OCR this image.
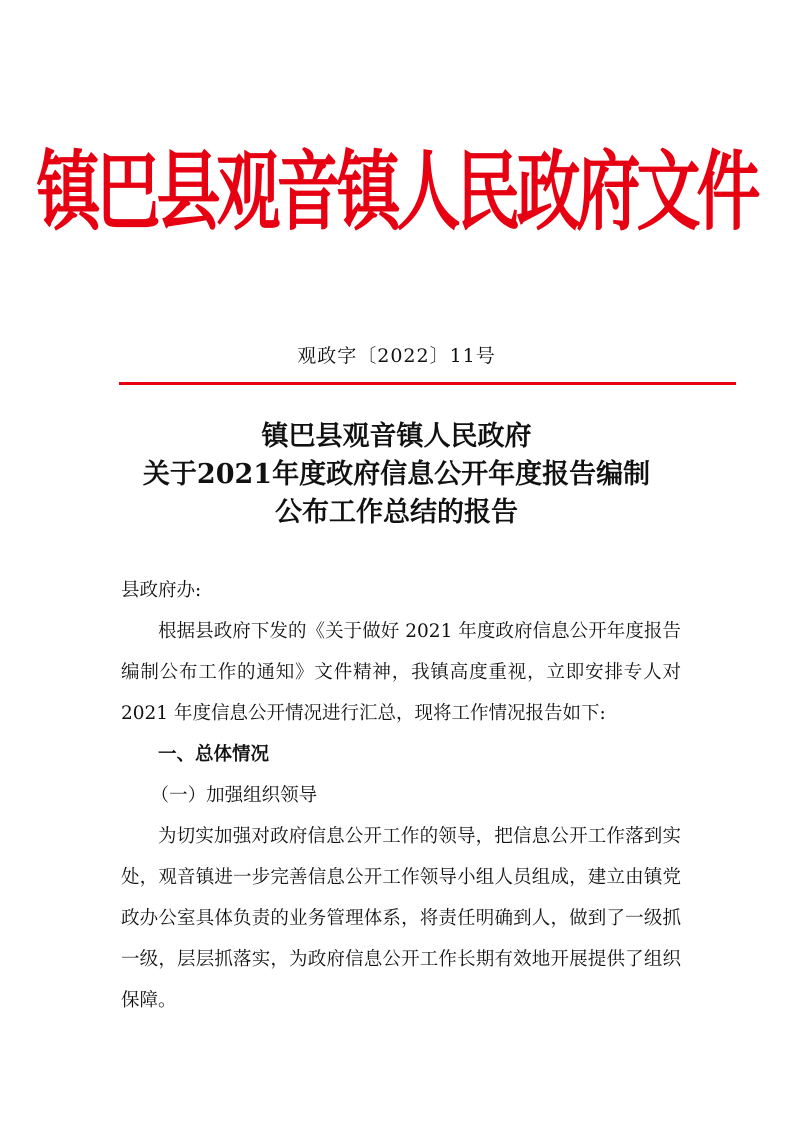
镇巴县观音镇人民政府文件
观政字〔2022〕11号
镇巴县观音镇人民政府
关于2021年度政府信息公开年度报告编制
公布工作总结的报告

县政府办:

根据县政府下发的《关于做好 2021 年度政府信息公开年度报告编制公布工作的通知》文件精神，我镇高度重视，立即安排专人对 2021 年度信息公开情况进行汇总，现将工作情况报告如下:

一、总体情况

（一）加强组织领导

为切实加强对政府信息公开工作的领导，把信息公开工作落到实处，观音镇进一步完善信息公开工作领导小组人员组成，建立由镇党政办公室具体负责的业务管理体系，将责任明确到人，做到了一级抓一级，层层抓落实，为政府信息公开工作长期有效地开展提供了组织保障。
